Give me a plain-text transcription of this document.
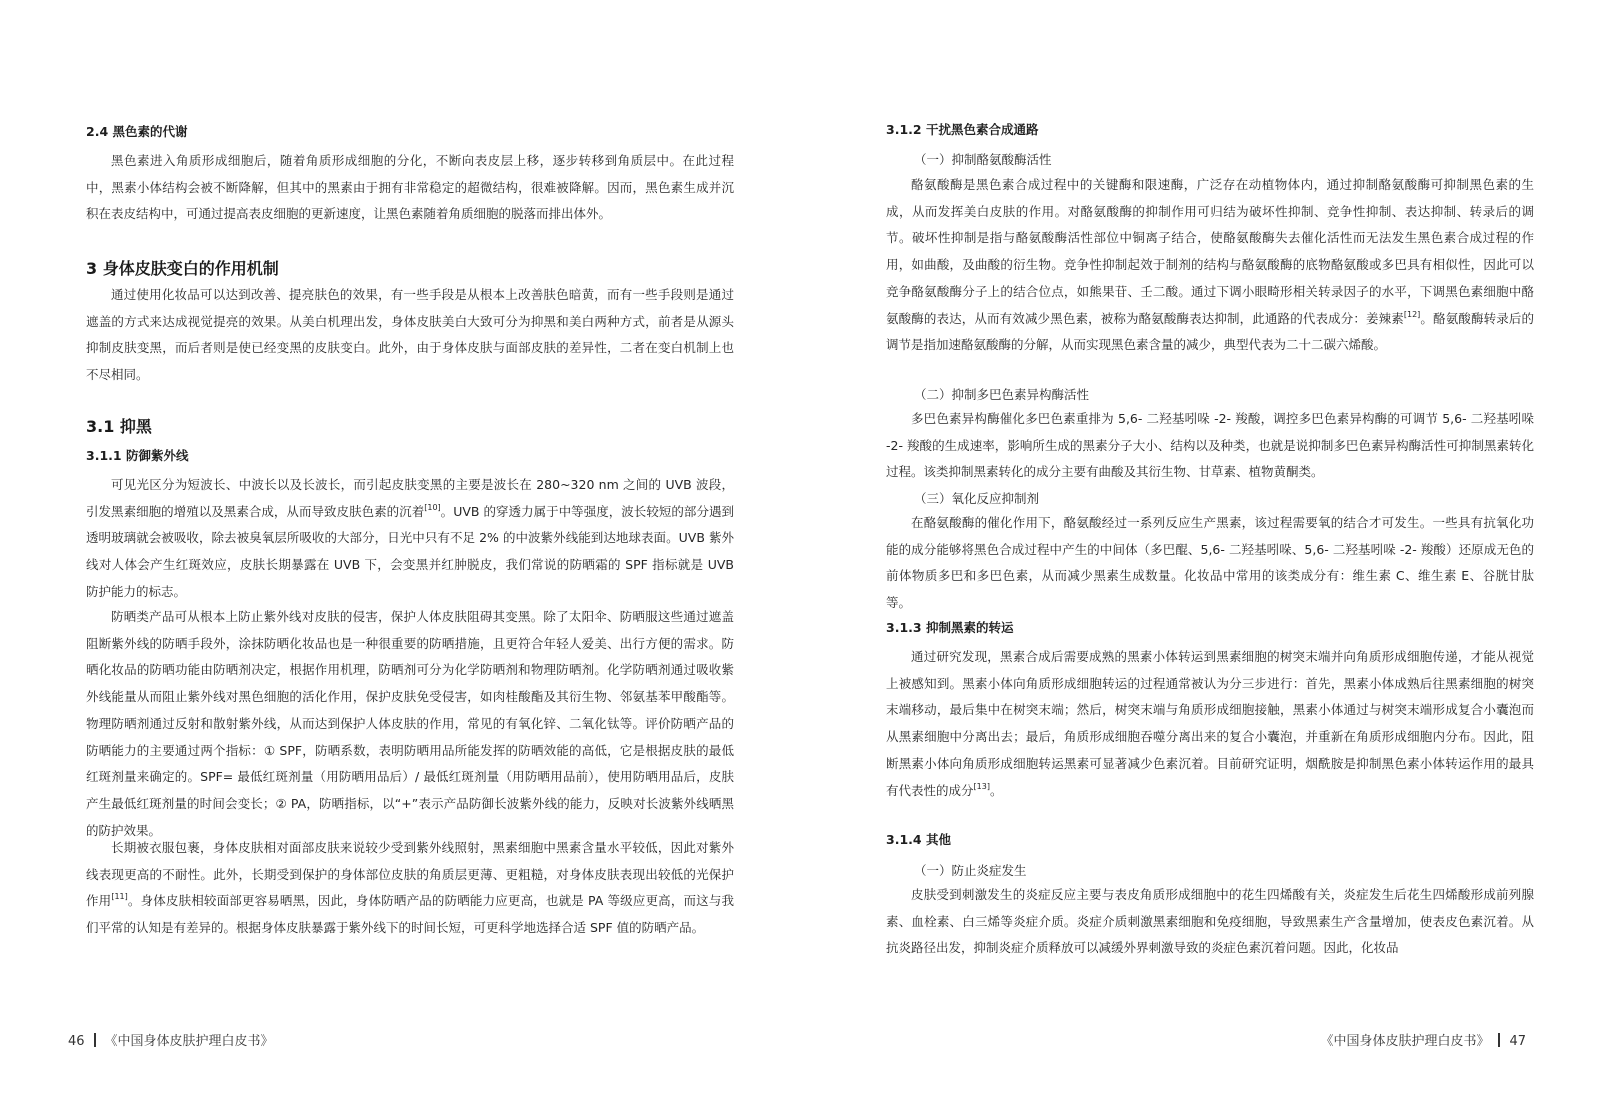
2.4 黑色素的代谢

黑色素进入角质形成细胞后，随着角质形成细胞的分化，不断向表皮层上移，逐步转移到角质层中。在此过程中，黑素小体结构会被不断降解，但其中的黑素由于拥有非常稳定的超微结构，很难被降解。因而，黑色素生成并沉积在表皮结构中，可通过提高表皮细胞的更新速度，让黑色素随着角质细胞的脱落而排出体外。

3 身体皮肤变白的作用机制

通过使用化妆品可以达到改善、提亮肤色的效果，有一些手段是从根本上改善肤色暗黄，而有一些手段则是通过遮盖的方式来达成视觉提亮的效果。从美白机理出发，身体皮肤美白大致可分为抑黑和美白两种方式，前者是从源头抑制皮肤变黑，而后者则是使已经变黑的皮肤变白。此外，由于身体皮肤与面部皮肤的差异性，二者在变白机制上也不尽相同。

3.1 抑黑
3.1.1 防御紫外线

可见光区分为短波长、中波长以及长波长，而引起皮肤变黑的主要是波长在 280~320 nm 之间的 UVB 波段，引发黑素细胞的增殖以及黑素合成，从而导致皮肤色素的沉着[10]。UVB 的穿透力属于中等强度，波长较短的部分遇到透明玻璃就会被吸收，除去被臭氧层所吸收的大部分，日光中只有不足 2% 的中波紫外线能到达地球表面。UVB 紫外线对人体会产生红斑效应，皮肤长期暴露在 UVB 下，会变黑并红肿脱皮，我们常说的防晒霜的 SPF 指标就是 UVB 防护能力的标志。

防晒类产品可从根本上防止紫外线对皮肤的侵害，保护人体皮肤阻碍其变黑。除了太阳伞、防晒服这些通过遮盖阻断紫外线的防晒手段外，涂抹防晒化妆品也是一种很重要的防晒措施，且更符合年轻人爱美、出行方便的需求。防晒化妆品的防晒功能由防晒剂决定，根据作用机理，防晒剂可分为化学防晒剂和物理防晒剂。化学防晒剂通过吸收紫外线能量从而阻止紫外线对黑色细胞的活化作用，保护皮肤免受侵害，如肉桂酸酯及其衍生物、邻氨基苯甲酸酯等。物理防晒剂通过反射和散射紫外线，从而达到保护人体皮肤的作用，常见的有氧化锌、二氧化钛等。评价防晒产品的防晒能力的主要通过两个指标：① SPF，防晒系数，表明防晒用品所能发挥的防晒效能的高低，它是根据皮肤的最低红斑剂量来确定的。SPF= 最低红斑剂量（用防晒用品后）/ 最低红斑剂量（用防晒用品前），使用防晒用品后，皮肤产生最低红斑剂量的时间会变长；② PA，防晒指标，以“+”表示产品防御长波紫外线的能力，反映对长波紫外线晒黑的防护效果。

长期被衣服包裹，身体皮肤相对面部皮肤来说较少受到紫外线照射，黑素细胞中黑素含量水平较低，因此对紫外线表现更高的不耐性。此外，长期受到保护的身体部位皮肤的角质层更薄、更粗糙，对身体皮肤表现出较低的光保护作用[11]。身体皮肤相较面部更容易晒黑，因此，身体防晒产品的防晒能力应更高，也就是 PA 等级应更高，而这与我们平常的认知是有差异的。根据身体皮肤暴露于紫外线下的时间长短，可更科学地选择合适 SPF 值的防晒产品。

46 《中国身体皮肤护理白皮书》
3.1.2 干扰黑色素合成通路
（一）抑制酪氨酸酶活性

酪氨酸酶是黑色素合成过程中的关键酶和限速酶，广泛存在动植物体内，通过抑制酪氨酸酶可抑制黑色素的生成，从而发挥美白皮肤的作用。对酪氨酸酶的抑制作用可归结为破坏性抑制、竞争性抑制、表达抑制、转录后的调节。破坏性抑制是指与酪氨酸酶活性部位中铜离子结合，使酪氨酸酶失去催化活性而无法发生黑色素合成过程的作用，如曲酸，及曲酸的衍生物。竞争性抑制起效于制剂的结构与酪氨酸酶的底物酪氨酸或多巴具有相似性，因此可以竞争酪氨酸酶分子上的结合位点，如熊果苷、壬二酸。通过下调小眼畸形相关转录因子的水平，下调黑色素细胞中酪氨酸酶的表达，从而有效减少黑色素，被称为酪氨酸酶表达抑制，此通路的代表成分：姜辣素[12]。酪氨酸酶转录后的调节是指加速酪氨酸酶的分解，从而实现黑色素含量的减少，典型代表为二十二碳六烯酸。

（二）抑制多巴色素异构酶活性

多巴色素异构酶催化多巴色素重排为 5,6- 二羟基吲哚 -2- 羧酸，调控多巴色素异构酶的可调节 5,6- 二羟基吲哚 -2- 羧酸的生成速率，影响所生成的黑素分子大小、结构以及种类，也就是说抑制多巴色素异构酶活性可抑制黑素转化过程。该类抑制黑素转化的成分主要有曲酸及其衍生物、甘草素、植物黄酮类。

（三）氧化反应抑制剂

在酪氨酸酶的催化作用下，酪氨酸经过一系列反应生产黑素，该过程需要氧的结合才可发生。一些具有抗氧化功能的成分能够将黑色合成过程中产生的中间体（多巴醌、5,6- 二羟基吲哚、5,6- 二羟基吲哚 -2- 羧酸）还原成无色的前体物质多巴和多巴色素，从而减少黑素生成数量。化妆品中常用的该类成分有：维生素 C、维生素 E、谷胱甘肽等。

3.1.3 抑制黑素的转运

通过研究发现，黑素合成后需要成熟的黑素小体转运到黑素细胞的树突末端并向角质形成细胞传递，才能从视觉上被感知到。黑素小体向角质形成细胞转运的过程通常被认为分三步进行：首先，黑素小体成熟后往黑素细胞的树突末端移动，最后集中在树突末端；然后，树突末端与角质形成细胞接触，黑素小体通过与树突末端形成复合小囊泡而从黑素细胞中分离出去；最后，角质形成细胞吞噬分离出来的复合小囊泡，并重新在角质形成细胞内分布。因此，阻断黑素小体向角质形成细胞转运黑素可显著减少色素沉着。目前研究证明，烟酰胺是抑制黑色素小体转运作用的最具有代表性的成分[13]。

3.1.4 其他
（一）防止炎症发生

皮肤受到刺激发生的炎症反应主要与表皮角质形成细胞中的花生四烯酸有关，炎症发生后花生四烯酸形成前列腺素、血栓素、白三烯等炎症介质。炎症介质刺激黑素细胞和免疫细胞，导致黑素生产含量增加，使表皮色素沉着。从抗炎路径出发，抑制炎症介质释放可以减缓外界刺激导致的炎症色素沉着问题。因此，化妆品

《中国身体皮肤护理白皮书》 47
